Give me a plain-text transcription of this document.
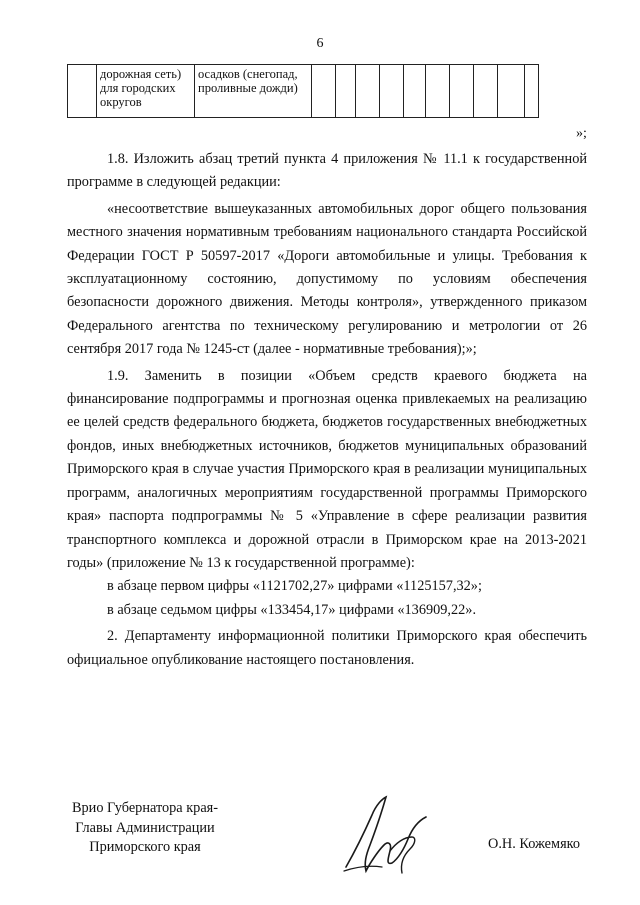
6
	дорожная сеть) для городских округов	осадков (снегопад, проливные дожди)										
»;

1.8. Изложить абзац третий пункта 4 приложения № 11.1 к государственной программе в следующей редакции:

«несоответствие вышеуказанных автомобильных дорог общего пользования местного значения нормативным требованиям национального стандарта Российской Федерации ГОСТ Р 50597-2017 «Дороги автомобильные и улицы. Требования к эксплуатационному состоянию, допустимому по условиям обеспечения безопасности дорожного движения. Методы контроля», утвержденного приказом Федерального агентства по техническому регулированию и метрологии от 26 сентября 2017 года № 1245-ст (далее - нормативные требования);»;

1.9. Заменить в позиции «Объем средств краевого бюджета на финансирование подпрограммы и прогнозная оценка привлекаемых на реализацию ее целей средств федерального бюджета, бюджетов государственных внебюджетных фондов, иных внебюджетных источников, бюджетов муниципальных образований Приморского края в случае участия Приморского края в реализации муниципальных программ, аналогичных мероприятиям государственной программы Приморского края» паспорта подпрограммы № 5 «Управление в сфере реализации развития транспортного комплекса и дорожной отрасли в Приморском крае на 2013-2021 годы» (приложение № 13 к государственной программе):

в абзаце первом цифры «1121702,27» цифрами «1125157,32»;

в абзаце седьмом цифры «133454,17» цифрами «136909,22».

2. Департаменту информационной политики Приморского края обеспечить официальное опубликование настоящего постановления.

Врио Губернатора края-
Главы Администрации
Приморского края	О.Н. Кожемяко
